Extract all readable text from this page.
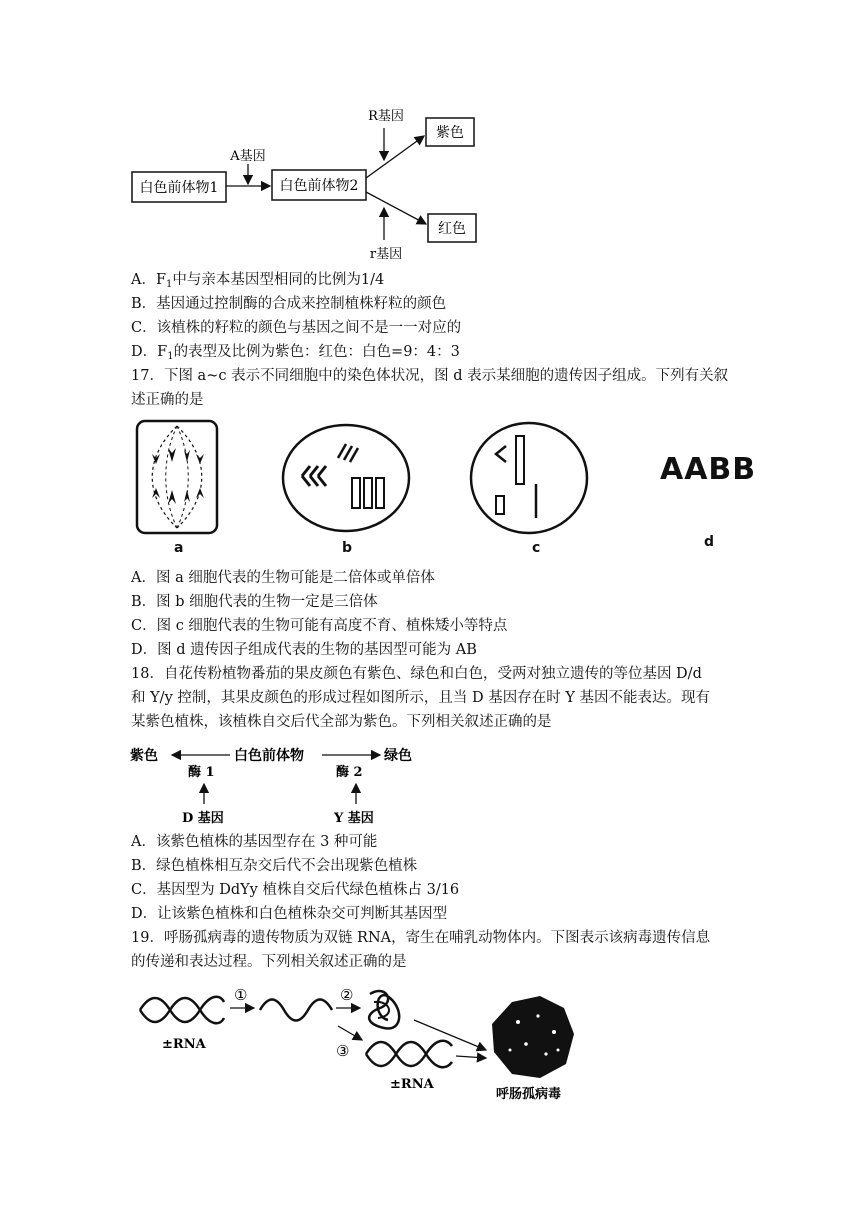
白色前体物1	白色前体物2
A基因
R基因
r基因
紫色
红色
A．$F_1$中与亲本基因型相同的比例为1/4
B．基因通过控制酶的合成来控制植株籽粒的颜色
C．该植株的籽粒的颜色与基因之间不是一一对应的
D．$F_1$的表型及比例为紫色：红色：白色=9：4：3
17．下图 a~c 表示不同细胞中的染色体状况，图 d 表示某细胞的遗传因子组成。下列有关叙
述正确的是
a	b	c
AABB
d
A．图 a 细胞代表的生物可能是二倍体或单倍体
B．图 b 细胞代表的生物一定是三倍体
C．图 c 细胞代表的生物可能有高度不育、植株矮小等特点
D．图 d 遗传因子组成代表的生物的基因型可能为 AB
18．自花传粉植物番茄的果皮颜色有紫色、绿色和白色，受两对独立遗传的等位基因 D/d
和 Y/y 控制，其果皮颜色的形成过程如图所示，且当 D 基因存在时 Y 基因不能表达。现有
某紫色植株，该植株自交后代全部为紫色。下列相关叙述正确的是
紫色	白色前体物	绿色
酶 1	酶 2
D 基因	Y 基因
A．该紫色植株的基因型存在 3 种可能
B．绿色植株相互杂交后代不会出现紫色植株
C．基因型为 DdYy 植株自交后代绿色植株占 3/16
D．让该紫色植株和白色植株杂交可判断其基因型
19．呼肠孤病毒的遗传物质为双链 RNA，寄生在哺乳动物体内。下图表示该病毒遗传信息
的传递和表达过程。下列相关叙述正确的是
±RNA
①	②
③
±RNA
呼肠孤病毒
